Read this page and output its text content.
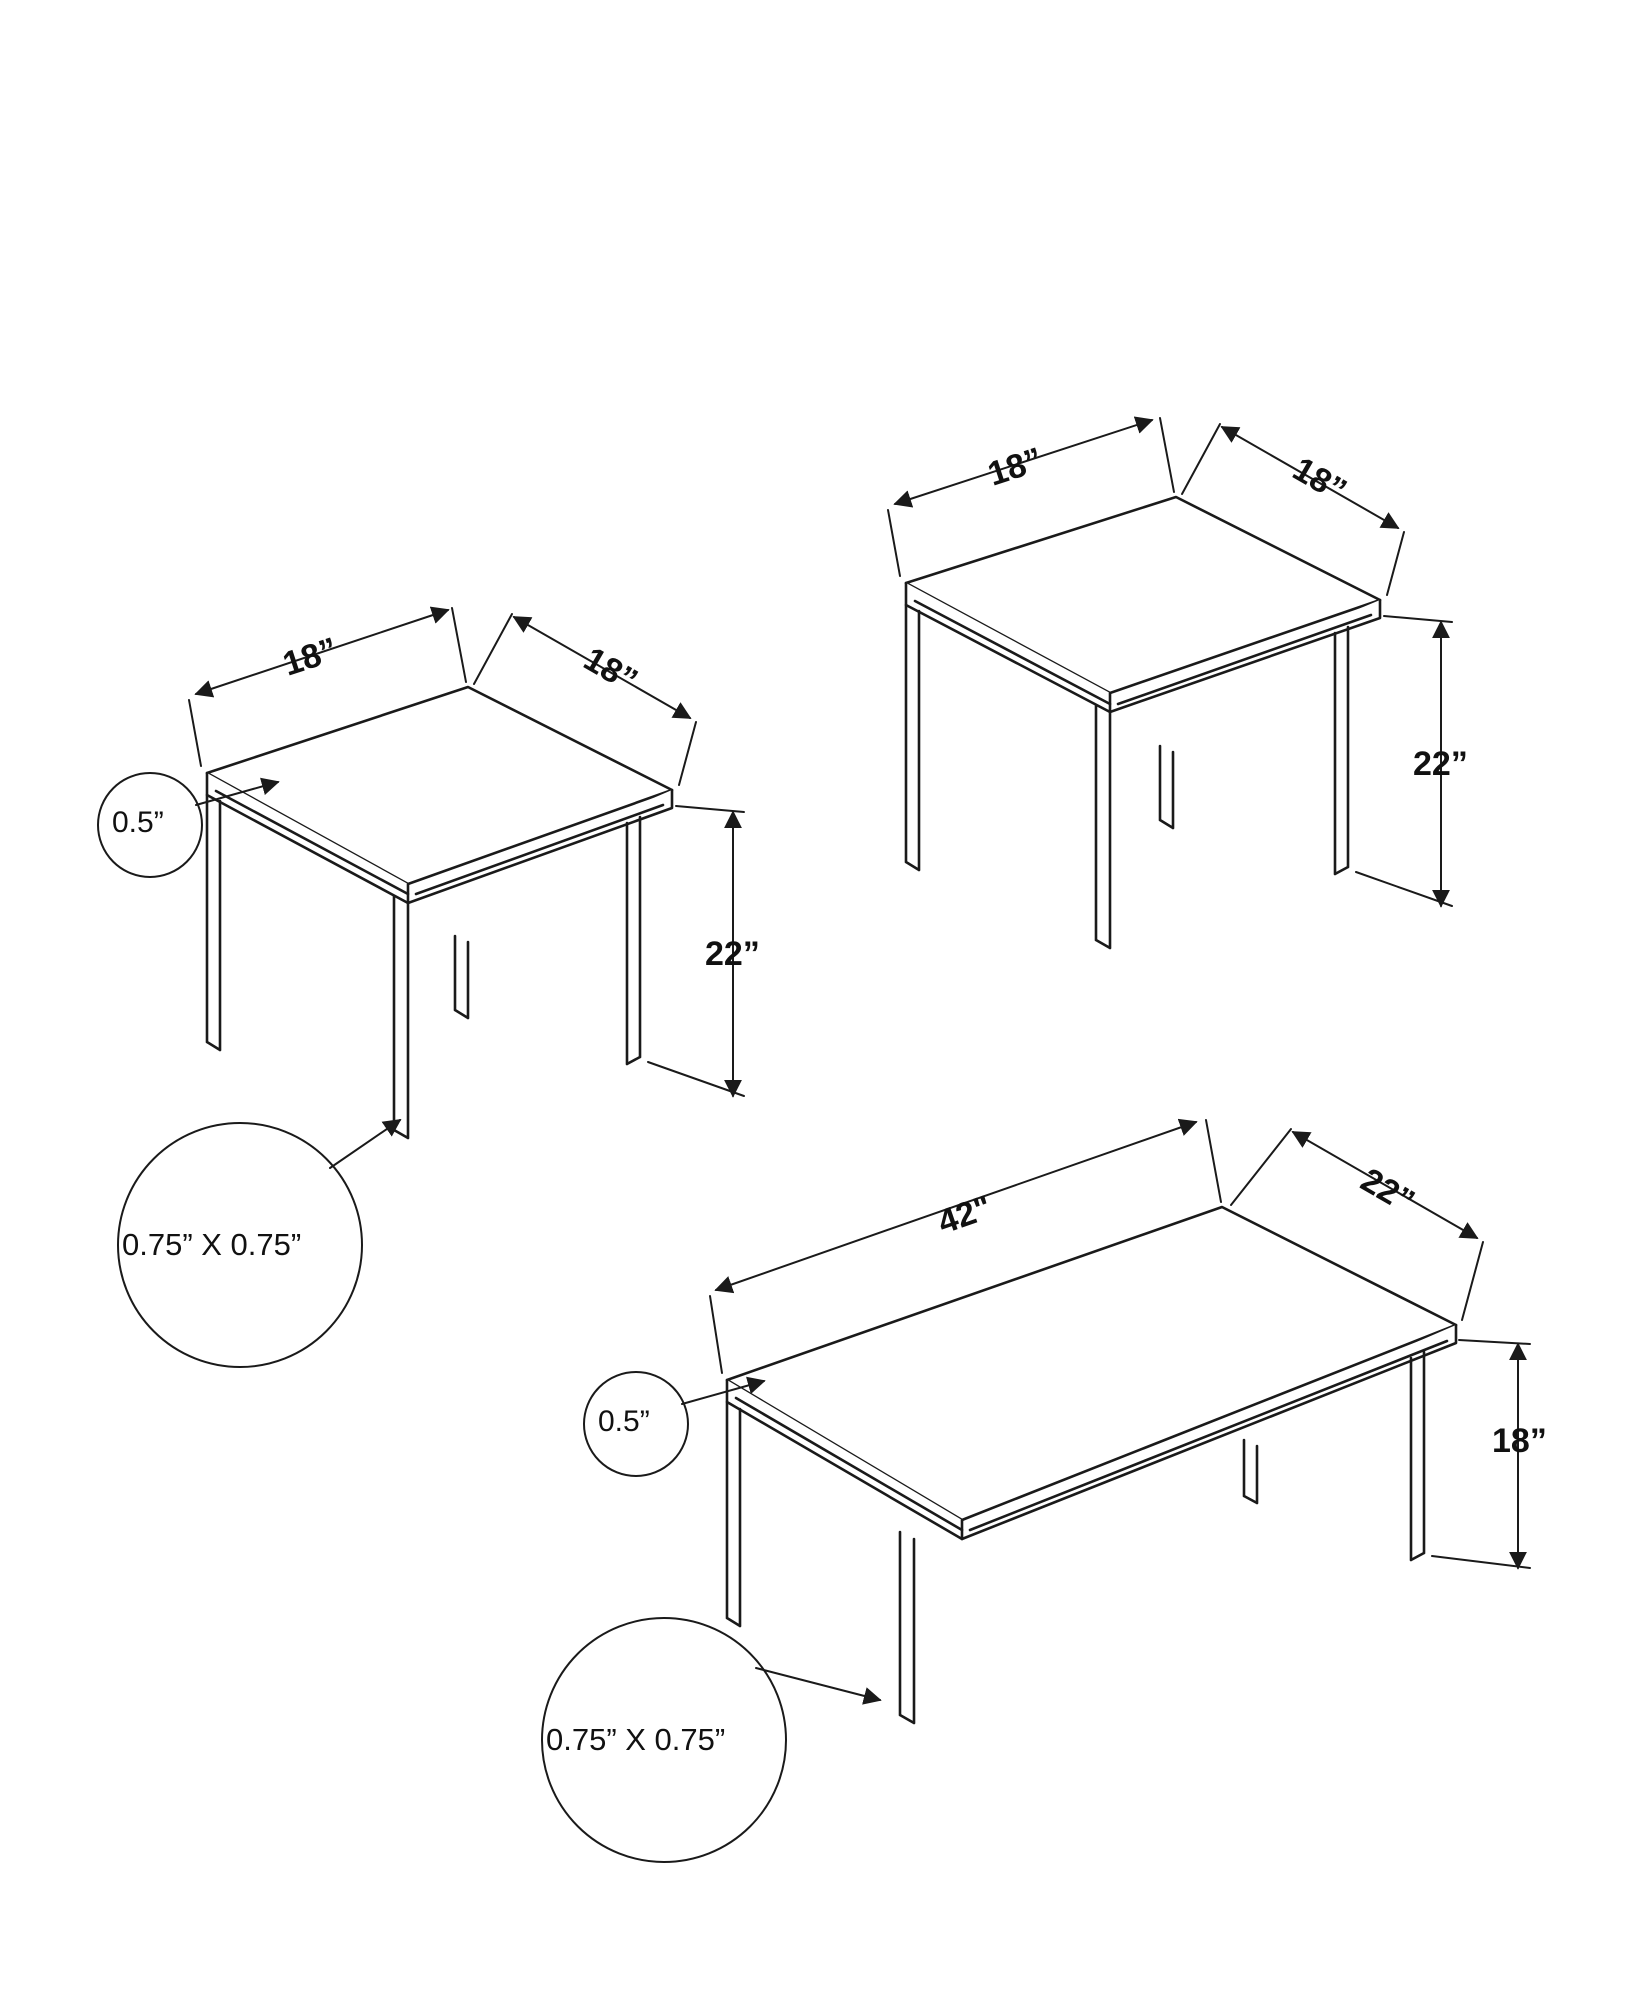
18”	18”
22”
0.5”
0.75” X 0.75”
18”	18”
22”
42"	22”
18”
0.5”
0.75” X 0.75”
